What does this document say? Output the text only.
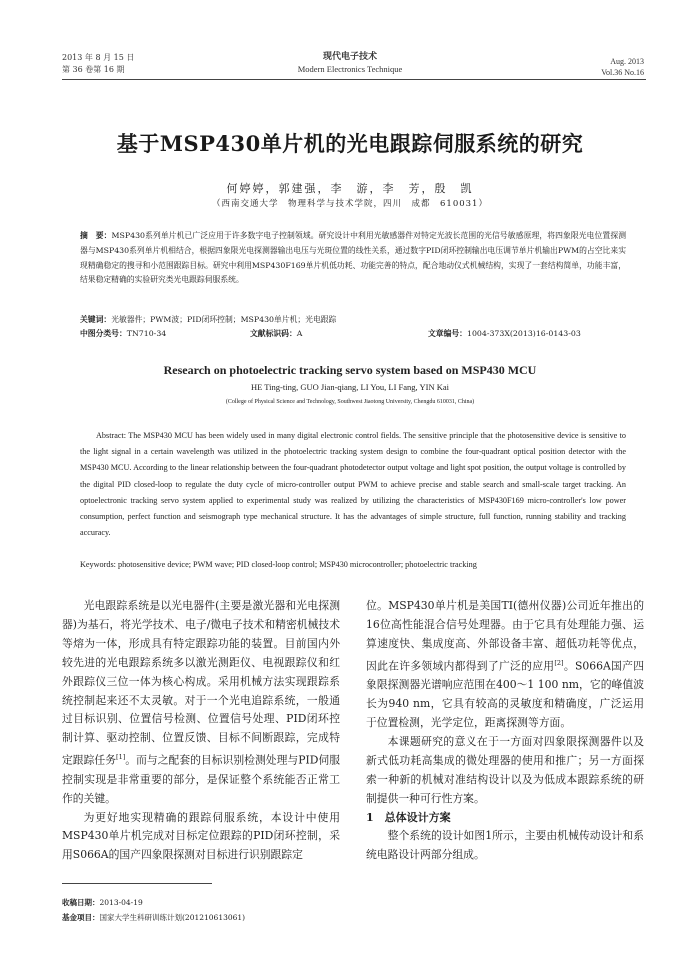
2013 年 8 月 15 日
第 36 卷第 16 期
现代电子技术
Modern Electronics Technique
Aug. 2013
Vol.36 No.16
基于MSP430单片机的光电跟踪伺服系统的研究
何婷婷，郭建强，李　游，李　芳，殷　凯
（西南交通大学　物理科学与技术学院，四川　成都　610031）
摘　要：MSP430系列单片机已广泛应用于许多数字电子控制领域。研究设计中利用光敏感器件对特定光波长范围的光信号敏感原理，将四象限光电位置探测器与MSP430系列单片机相结合，根据四象限光电探测器输出电压与光斑位置的线性关系，通过数字PID闭环控制输出电压调节单片机输出PWM的占空比来实现精确稳定的搜寻和小范围跟踪目标。研究中利用MSP430F169单片机低功耗、功能完善的特点，配合地动仪式机械结构，实现了一套结构简单，功能丰富，结果稳定精确的实验研究类光电跟踪伺服系统。
关键词：光敏器件；PWM波；PID闭环控制；MSP430单片机；光电跟踪
中图分类号：TN710-34	文献标识码：A	文章编号：1004-373X(2013)16-0143-03
Research on photoelectric tracking servo system based on MSP430 MCU
HE Ting-ting, GUO Jian-qiang, LI You, LI Fang, YIN Kai
(College of Physical Science and Technology, Southwest Jiaotong University, Chengdu 610031, China)
Abstract: The MSP430 MCU has been widely used in many digital electronic control fields. The sensitive principle that the photosensitive device is sensitive to the light signal in a certain wavelength was utilized in the photoelectric tracking system design to combine the four-quadrant optical position detector with the MSP430 MCU. According to the linear relationship between the four-quadrant photodetector output voltage and light spot position, the output voltage is controlled by the digital PID closed-loop to regulate the duty cycle of micro-controller output PWM to achieve precise and stable search and small-scale target tracking. An optoelectronic tracking servo system applied to experimental study was realized by utilizing the characteristics of MSP430F169 micro-controller's low power consumption, perfect function and seismograph type mechanical structure. It has the advantages of simple structure, full function, running stability and tracking accuracy.
Keywords: photosensitive device; PWM wave; PID closed-loop control; MSP430 microcontroller; photoelectric tracking

光电跟踪系统是以光电器件(主要是激光器和光电探测器)为基石，将光学技术、电子/微电子技术和精密机械技术等熔为一体，形成具有特定跟踪功能的装置。目前国内外较先进的光电跟踪系统多以激光测距仪、电视跟踪仪和红外跟踪仪三位一体为核心构成。采用机械方法实现跟踪系统控制起来还不太灵敏。对于一个光电追踪系统，一般通过目标识别、位置信号检测、位置信号处理、PID闭环控制计算、驱动控制、位置反馈、目标不间断跟踪，完成特定跟踪任务[1]。而与之配套的目标识别检测处理与PID伺服控制实现是非常重要的部分，是保证整个系统能否正常工作的关键。

为更好地实现精确的跟踪伺服系统，本设计中使用MSP430单片机完成对目标定位跟踪的PID闭环控制，采用S066A的国产四象限探测对目标进行识别跟踪定

位。MSP430单片机是美国TI(德州仪器)公司近年推出的16位高性能混合信号处理器。由于它具有处理能力强、运算速度快、集成度高、外部设备丰富、超低功耗等优点，因此在许多领域内都得到了广泛的应用[2]。S066A国产四象限探测器光谱响应范围在400～1 100 nm，它的峰值波长为940 nm，它具有较高的灵敏度和精确度，广泛运用于位置检测，光学定位，距离探测等方面。

本课题研究的意义在于一方面对四象限探测器件以及新式低功耗高集成的微处理器的使用和推广；另一方面探索一种新的机械对准结构设计以及为低成本跟踪系统的研制提供一种可行性方案。

1　总体设计方案

整个系统的设计如图1所示，主要由机械传动设计和系统电路设计两部分组成。

收稿日期：2013-04-19
基金项目：国家大学生科研训练计划(201210613061)
